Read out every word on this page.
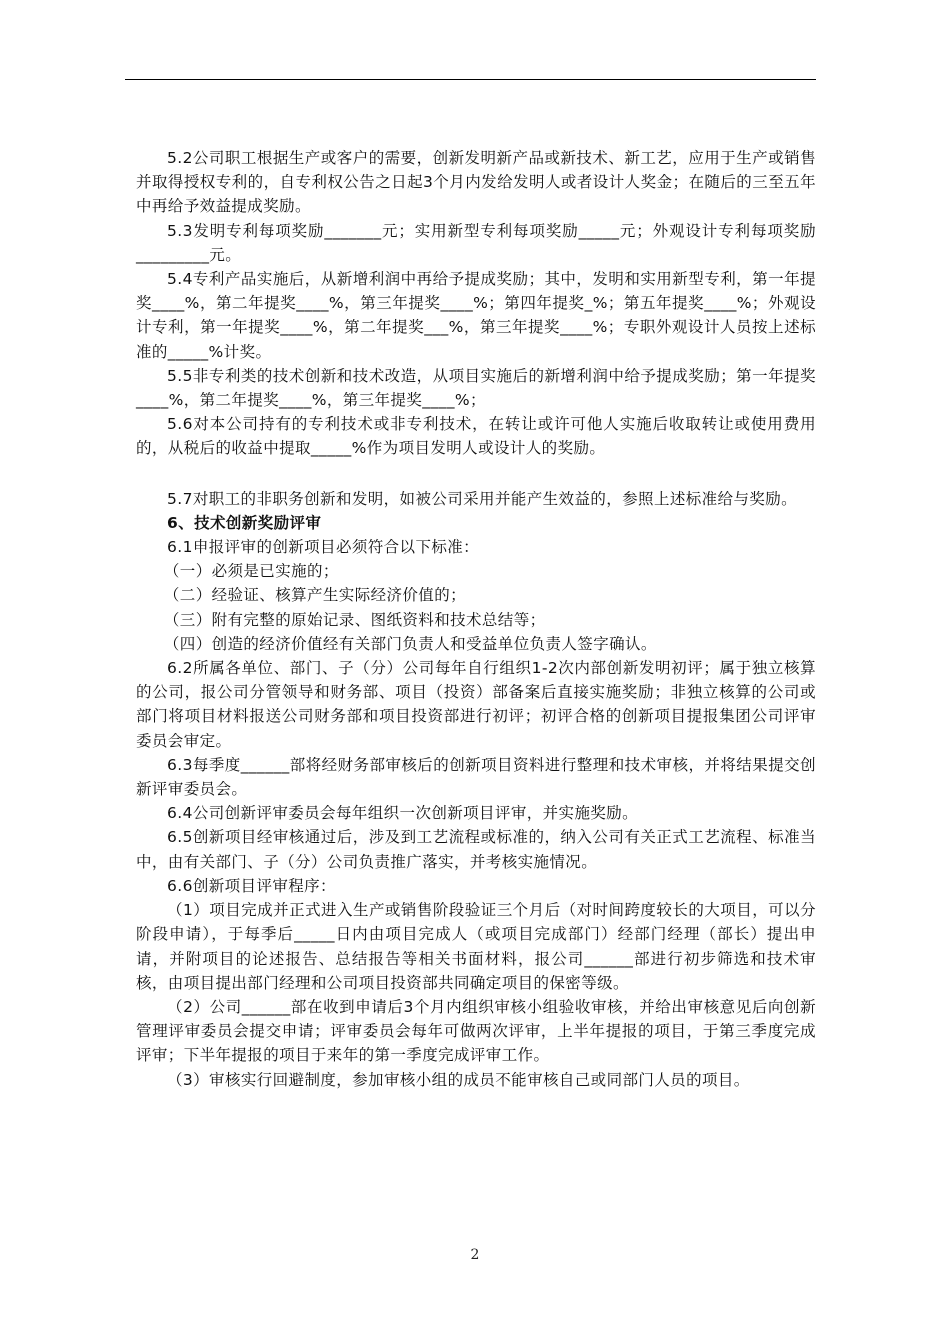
5.2公司职工根据生产或客户的需要，创新发明新产品或新技术、新工艺，应用于生产或销售并取得授权专利的，自专利权公告之日起3个月内发给发明人或者设计人奖金；在随后的三至五年中再给予效益提成奖励。

5.3发明专利每项奖励_______元；实用新型专利每项奖励_____元；外观设计专利每项奖励_________元。

5.4专利产品实施后，从新增利润中再给予提成奖励；其中，发明和实用新型专利，第一年提奖____%，第二年提奖____%，第三年提奖____%；第四年提奖_%；第五年提奖____%；外观设计专利，第一年提奖____%，第二年提奖___%，第三年提奖____%；专职外观设计人员按上述标准的_____%计奖。

5.5非专利类的技术创新和技术改造，从项目实施后的新增利润中给予提成奖励；第一年提奖____%，第二年提奖____%，第三年提奖____%；

5.6对本公司持有的专利技术或非专利技术，在转让或许可他人实施后收取转让或使用费用的，从税后的收益中提取_____%作为项目发明人或设计人的奖励。

5.7对职工的非职务创新和发明，如被公司采用并能产生效益的，参照上述标准给与奖励。

6、技术创新奖励评审

6.1申报评审的创新项目必须符合以下标准：

（一）必须是已实施的；

（二）经验证、核算产生实际经济价值的；

（三）附有完整的原始记录、图纸资料和技术总结等；

（四）创造的经济价值经有关部门负责人和受益单位负责人签字确认。

6.2所属各单位、部门、子（分）公司每年自行组织1-2次内部创新发明初评；属于独立核算的公司，报公司分管领导和财务部、项目（投资）部备案后直接实施奖励；非独立核算的公司或部门将项目材料报送公司财务部和项目投资部进行初评；初评合格的创新项目提报集团公司评审委员会审定。

6.3每季度______部将经财务部审核后的创新项目资料进行整理和技术审核，并将结果提交创新评审委员会。

6.4公司创新评审委员会每年组织一次创新项目评审，并实施奖励。

6.5创新项目经审核通过后，涉及到工艺流程或标准的，纳入公司有关正式工艺流程、标准当中，由有关部门、子（分）公司负责推广落实，并考核实施情况。

6.6创新项目评审程序：

（1）项目完成并正式进入生产或销售阶段验证三个月后（对时间跨度较长的大项目，可以分阶段申请），于每季后_____日内由项目完成人（或项目完成部门）经部门经理（部长）提出申请，并附项目的论述报告、总结报告等相关书面材料，报公司______部进行初步筛选和技术审核，由项目提出部门经理和公司项目投资部共同确定项目的保密等级。

（2）公司______部在收到申请后3个月内组织审核小组验收审核，并给出审核意见后向创新管理评审委员会提交申请；评审委员会每年可做两次评审，上半年提报的项目，于第三季度完成评审；下半年提报的项目于来年的第一季度完成评审工作。

（3）审核实行回避制度，参加审核小组的成员不能审核自己或同部门人员的项目。

2
